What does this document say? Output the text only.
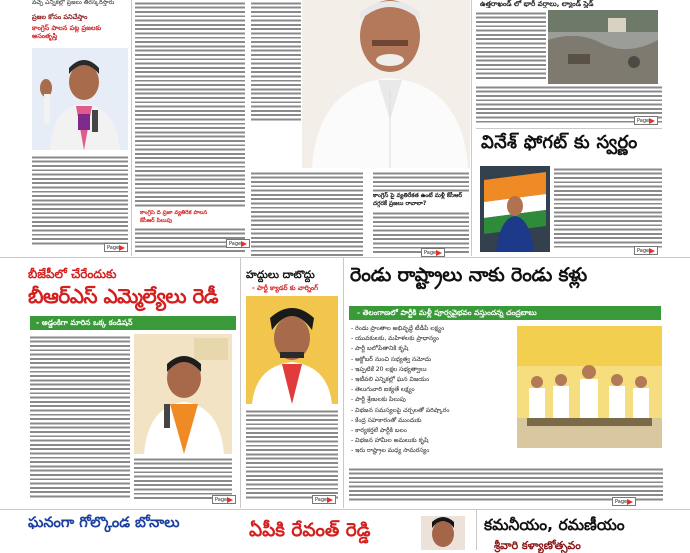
వచ్చే ఎన్నికల్లో ప్రజలు తిరస్కరిస్తారు
ప్రజల కోసం పనిచేస్తాం
కాంగ్రెస్ పాలన పట్ల ప్రజలకు అసంతృప్తి
Page
కాంగ్రెస్ ది ప్రజా వ్యతిరేక పాలన
కేసీఆర్ పిలుపు
Page
కాంగ్రెస్ పై వ్యతిరేకత ఉంటే మళ్లీ కేసీఆర్ దగ్గరకే ప్రజలు రావాలా?
Page
ఉత్తరాఖండ్ లో భారీ వర్షాలు, ల్యాండ్ స్లైడ్
Page
వినేశ్ ఫోగట్ కు స్వర్ణం
Page
బీజేపీలో చేరేందుకు
బీఆర్ఎస్ ఎమ్మెల్యేలు రెడీ
- అడ్డంకిగా మారిన ఒక్క కండిషన్
Page
హద్దులు దాటొద్దు
- పార్టీ క్యాడర్ కు వార్నింగ్
Page
రెండు రాష్ట్రాలు నాకు రెండు కళ్లు
- తెలంగాణలో పార్టీకి మళ్లీ పూర్వవైభవం వస్తుందన్న చంద్రబాబు
- రెండు ప్రాంతాల అభివృద్ధే టీడీపీ లక్ష్యం
- యువకులకు, మహిళలకు ప్రాధాన్యం
- పార్టీ బలోపేతానికి కృషి
- అక్టోబర్ నుంచి సభ్యత్వ నమోదు
- ఇప్పటికే 20 లక్షల సభ్యత్వాలు
- ఇటీవలి ఎన్నికల్లో ఘన విజయం
- తెలుగువారి ఐక్యతే లక్ష్యం
- పార్టీ శ్రేణులకు పిలుపు
- విభజన సమస్యలపై చర్చలతో పరిష్కారం
- కేంద్ర సహకారంతో ముందుకు
- కార్యకర్తలే పార్టీకి బలం
- విభజన హామీల అమలుకు కృషి
- ఇరు రాష్ట్రాల మధ్య సామరస్యం
Page
ఘనంగా గోల్కొండ బోనాలు	ఏపీకి రేవంత్ రెడ్డి	కమనీయం, రమణీయం
శ్రీవారి కళ్యాణోత్సవం
